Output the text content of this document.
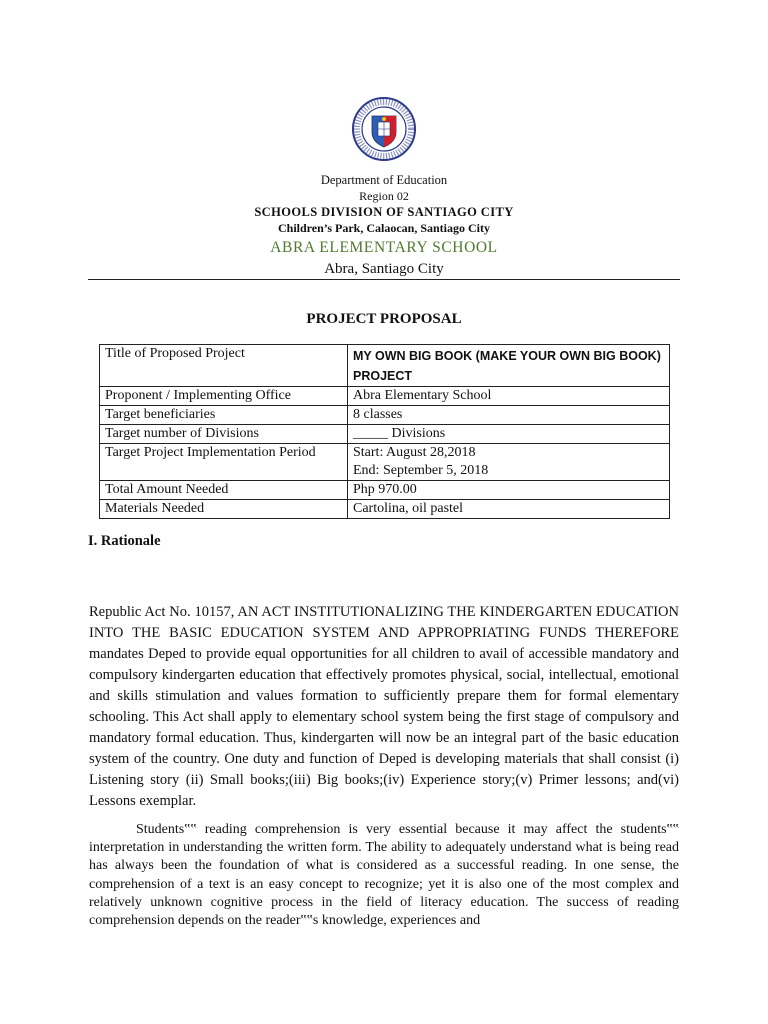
Department of Education
Region 02
SCHOOLS DIVISION OF SANTIAGO CITY
Children’s Park, Calaocan, Santiago City
ABRA ELEMENTARY SCHOOL
Abra, Santiago City
PROJECT PROPOSAL
Title of Proposed Project	MY OWN BIG BOOK (MAKE YOUR OWN BIG BOOK) PROJECT
Proponent / Implementing Office	Abra Elementary School
Target beneficiaries	8 classes
Target number of Divisions	_____ Divisions
Target Project Implementation Period	Start: August 28,2018
End: September 5, 2018

Total Amount Needed	Php 970.00
Materials Needed	Cartolina, oil pastel
I. Rationale

Republic Act No. 10157, AN ACT INSTITUTIONALIZING THE KINDERGARTEN EDUCATION INTO THE BASIC EDUCATION SYSTEM AND APPROPRIATING FUNDS THEREFORE mandates Deped to provide equal opportunities for all children to avail of accessible mandatory and compulsory kindergarten education that effectively promotes physical, social, intellectual, emotional and skills stimulation and values formation to sufficiently prepare them for formal elementary schooling. This Act shall apply to elementary school system being the first stage of compulsory and mandatory formal education. Thus, kindergarten will now be an integral part of the basic education system of the country. One duty and function of Deped is developing materials that shall consist (i) Listening story (ii) Small books;(iii) Big books;(iv) Experience story;(v) Primer lessons; and(vi) Lessons exemplar.

Students‟‟ reading comprehension is very essential because it may affect the students‟‟ interpretation in understanding the written form. The ability to adequately understand what is being read has always been the foundation of what is considered as a successful reading. In one sense, the comprehension of a text is an easy concept to recognize; yet it is also one of the most complex and relatively unknown cognitive process in the field of literacy education. The success of reading comprehension depends on the reader‟‟s knowledge, experiences and
